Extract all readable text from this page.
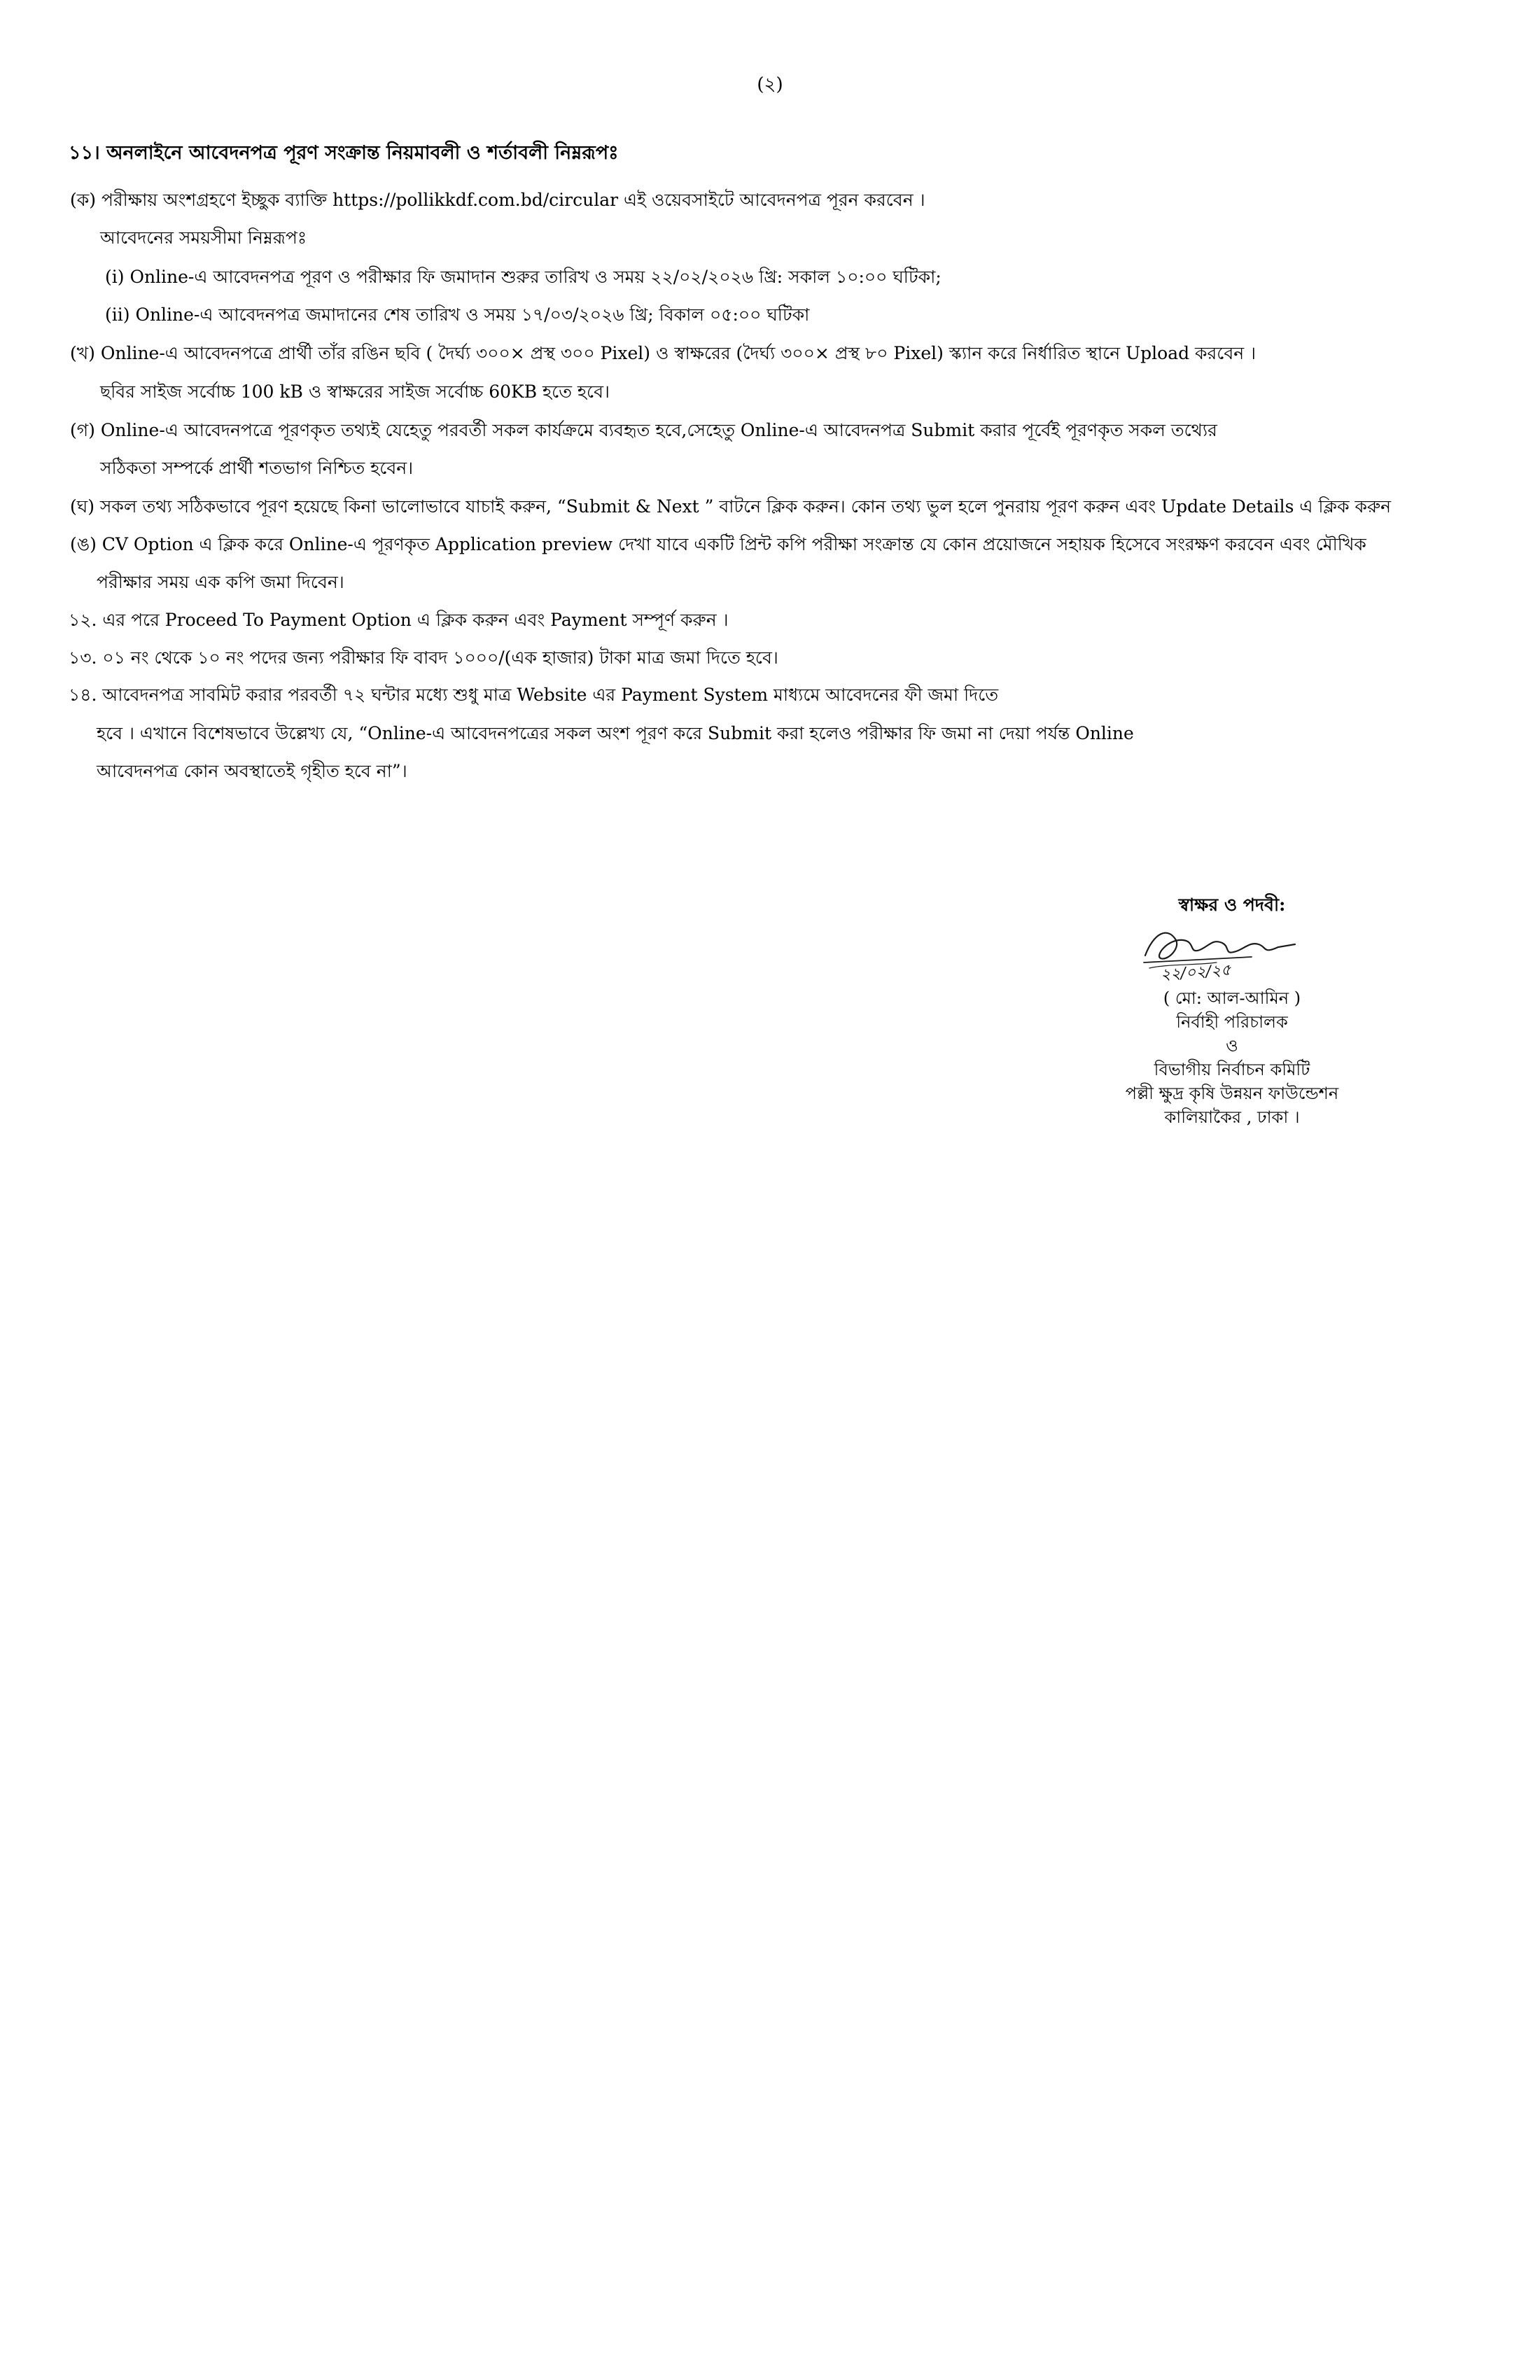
(২)
১১। অনলাইনে আবেদনপত্র পূরণ সংক্রান্ত নিয়মাবলী ও শর্তাবলী নিম্নরূপঃ
(ক) পরীক্ষায় অংশগ্রহণে ইচ্ছুক ব্যাক্তি https://pollikkdf.com.bd/circular এই ওয়েবসাইটে আবেদনপত্র পূরন করবেন ।
আবেদনের সময়সীমা নিম্নরূপঃ
(i) Online-এ আবেদনপত্র পূরণ ও পরীক্ষার ফি জমাদান শুরুর তারিখ ও সময় ২২/০২/২০২৬ খ্রি: সকাল ১০:০০ ঘটিকা;
(ii) Online-এ আবেদনপত্র জমাদানের শেষ তারিখ ও সময় ১৭/০৩/২০২৬ খ্রি; বিকাল ০৫:০০ ঘটিকা
(খ) Online-এ আবেদনপত্রে প্রার্থী তাঁর রঙিন ছবি ( দৈর্ঘ্য ৩০০× প্রস্থ ৩০০ Pixel) ও স্বাক্ষরের (দৈর্ঘ্য ৩০০× প্রস্থ ৮০ Pixel) স্ক্যান করে নির্ধারিত স্থানে Upload করবেন ।
ছবির সাইজ সর্বোচ্চ 100 kB ও স্বাক্ষরের সাইজ সর্বোচ্চ 60KB হতে হবে।
(গ) Online-এ আবেদনপত্রে পূরণকৃত তথ্যই যেহেতু পরবর্তী সকল কার্যক্রমে ব্যবহৃত হবে,সেহেতু Online-এ আবেদনপত্র Submit করার পূর্বেই পূরণকৃত সকল তথ্যের
সঠিকতা সম্পর্কে প্রার্থী শতভাগ নিশ্চিত হবেন।
(ঘ) সকল তথ্য সঠিকভাবে পূরণ হয়েছে কিনা ভালোভাবে যাচাই করুন, “Submit & Next ” বাটনে ক্লিক করুন। কোন তথ্য ভুল হলে পুনরায় পূরণ করুন এবং Update Details এ ক্লিক করুন
(ঙ) CV Option এ ক্লিক করে Online-এ পূরণকৃত Application preview দেখা যাবে একটি প্রিন্ট কপি পরীক্ষা সংক্রান্ত যে কোন প্রয়োজনে সহায়ক হিসেবে সংরক্ষণ করবেন এবং মৌখিক
পরীক্ষার সময় এক কপি জমা দিবেন।
১২. এর পরে Proceed To Payment Option এ ক্লিক করুন এবং Payment সম্পূর্ণ করুন ।
১৩. ০১ নং থেকে ১০ নং পদের জন্য পরীক্ষার ফি বাবদ ১০০০/(এক হাজার) টাকা মাত্র জমা দিতে হবে।
১৪. আবেদনপত্র সাবমিট করার পরবর্তী ৭২ ঘন্টার মধ্যে শুধু মাত্র Website এর Payment System মাধ্যমে আবেদনের ফী জমা দিতে
হবে । এখানে বিশেষভাবে উল্লেখ্য যে, “Online-এ আবেদনপত্রের সকল অংশ পূরণ করে Submit করা হলেও পরীক্ষার ফি জমা না দেয়া পর্যন্ত Online
আবেদনপত্র কোন অবস্থাতেই গৃহীত হবে না”।
স্বাক্ষর ও পদবী:
২২/০২/২৫
( মো: আল-আমিন )
নির্বাহী পরিচালক
ও
বিভাগীয় নির্বাচন কমিটি
পল্লী ক্ষুদ্র কৃষি উন্নয়ন ফাউন্ডেশন
কালিয়াকৈর , ঢাকা ।
